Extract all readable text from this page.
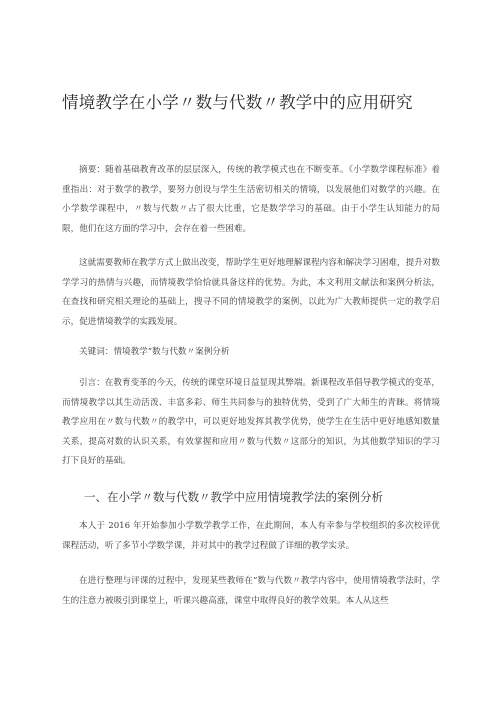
情境教学在小学〃数与代数〃教学中的应用研究

摘要：随着基础教育改革的层层深入，传统的教学模式也在不断变革。《小学数学课程标准》着重指出：对于数学的教学，要努力创设与学生生活密切相关的情境，以发展他们对数学的兴趣。在小学数学课程中，〃数与代数〃占了很大比重，它是数学学习的基础。由于小学生认知能力的局限，他们在这方面的学习中，会存在着一些困难。

这就需要教师在教学方式上做出改变，帮助学生更好地理解课程内容和解决学习困难，提升对数学学习的热情与兴趣，而情境教学恰恰就具备这样的优势。为此，本文利用文献法和案例分析法，在查找和研究相关理论的基础上，搜寻不同的情境教学的案例，以此为广大教师提供一定的教学启示，促进情境教学的实践发展。

关键词：情境教学”数与代数〃案例分析

引言：在教育变革的今天，传统的课堂环境日益显现其弊端。新课程改革倡导教学模式的变革，而情境教学以其生动活泼、丰富多彩、师生共同参与的独特优势，受到了广大师生的青睐。将情境教学应用在〃数与代数〃的教学中，可以更好地发挥其教学优势，使学生在生活中更好地感知数量关系，提高对数的认识关系，有效掌握和应用〃数与代数〃这部分的知识，为其他数学知识的学习打下良好的基础。

一、在小学〃数与代数〃教学中应用情境教学法的案例分析

本人于 2016 年开始参加小学数学教学工作，在此期间，本人有幸参与学校组织的多次校评优课程活动，听了多节小学数学课，并对其中的教学过程做了详细的教学实录。

在进行整理与评课的过程中，发现某些教师在”数与代数〃教学内容中，使用情境教学法时，学生的注意力被吸引到课堂上，听课兴趣高涨，课堂中取得良好的教学效果。本人从这些
